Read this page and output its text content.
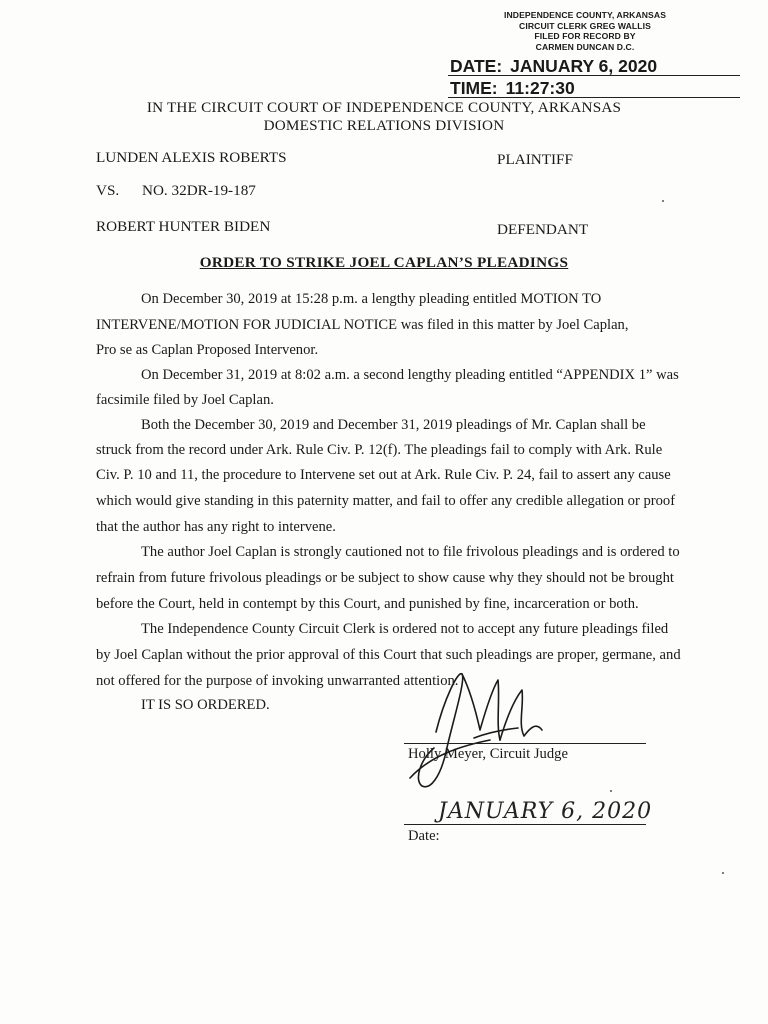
INDEPENDENCE COUNTY, ARKANSAS
CIRCUIT CLERK GREG WALLIS
FILED FOR RECORD BY
CARMEN DUNCAN D.C.
DATE: JANUARY 6, 2020
TIME: 11:27:30
IN THE CIRCUIT COURT OF INDEPENDENCE COUNTY, ARKANSAS
DOMESTIC RELATIONS DIVISION
LUNDEN ALEXIS ROBERTS	PLAINTIFF
VS. NO. 32DR-19-187
ROBERT HUNTER BIDEN	DEFENDANT
ORDER TO STRIKE JOEL CAPLAN’S PLEADINGS
On December 30, 2019 at 15:28 p.m. a lengthy pleading entitled MOTION TO
INTERVENE/MOTION FOR JUDICIAL NOTICE was filed in this matter by Joel Caplan,
Pro se as Caplan Proposed Intervenor.
On December 31, 2019 at 8:02 a.m. a second lengthy pleading entitled “APPENDIX 1” was
facsimile filed by Joel Caplan.
Both the December 30, 2019 and December 31, 2019 pleadings of Mr. Caplan shall be
struck from the record under Ark. Rule Civ. P. 12(f). The pleadings fail to comply with Ark. Rule
Civ. P. 10 and 11, the procedure to Intervene set out at Ark. Rule Civ. P. 24, fail to assert any cause
which would give standing in this paternity matter, and fail to offer any credible allegation or proof
that the author has any right to intervene.
The author Joel Caplan is strongly cautioned not to file frivolous pleadings and is ordered to
refrain from future frivolous pleadings or be subject to show cause why they should not be brought
before the Court, held in contempt by this Court, and punished by fine, incarceration or both.
The Independence County Circuit Clerk is ordered not to accept any future pleadings filed
by Joel Caplan without the prior approval of this Court that such pleadings are proper, germane, and
not offered for the purpose of invoking unwarranted attention.
IT IS SO ORDERED.
Holly Meyer, Circuit Judge
JANUARY 6, 2020
Date:
